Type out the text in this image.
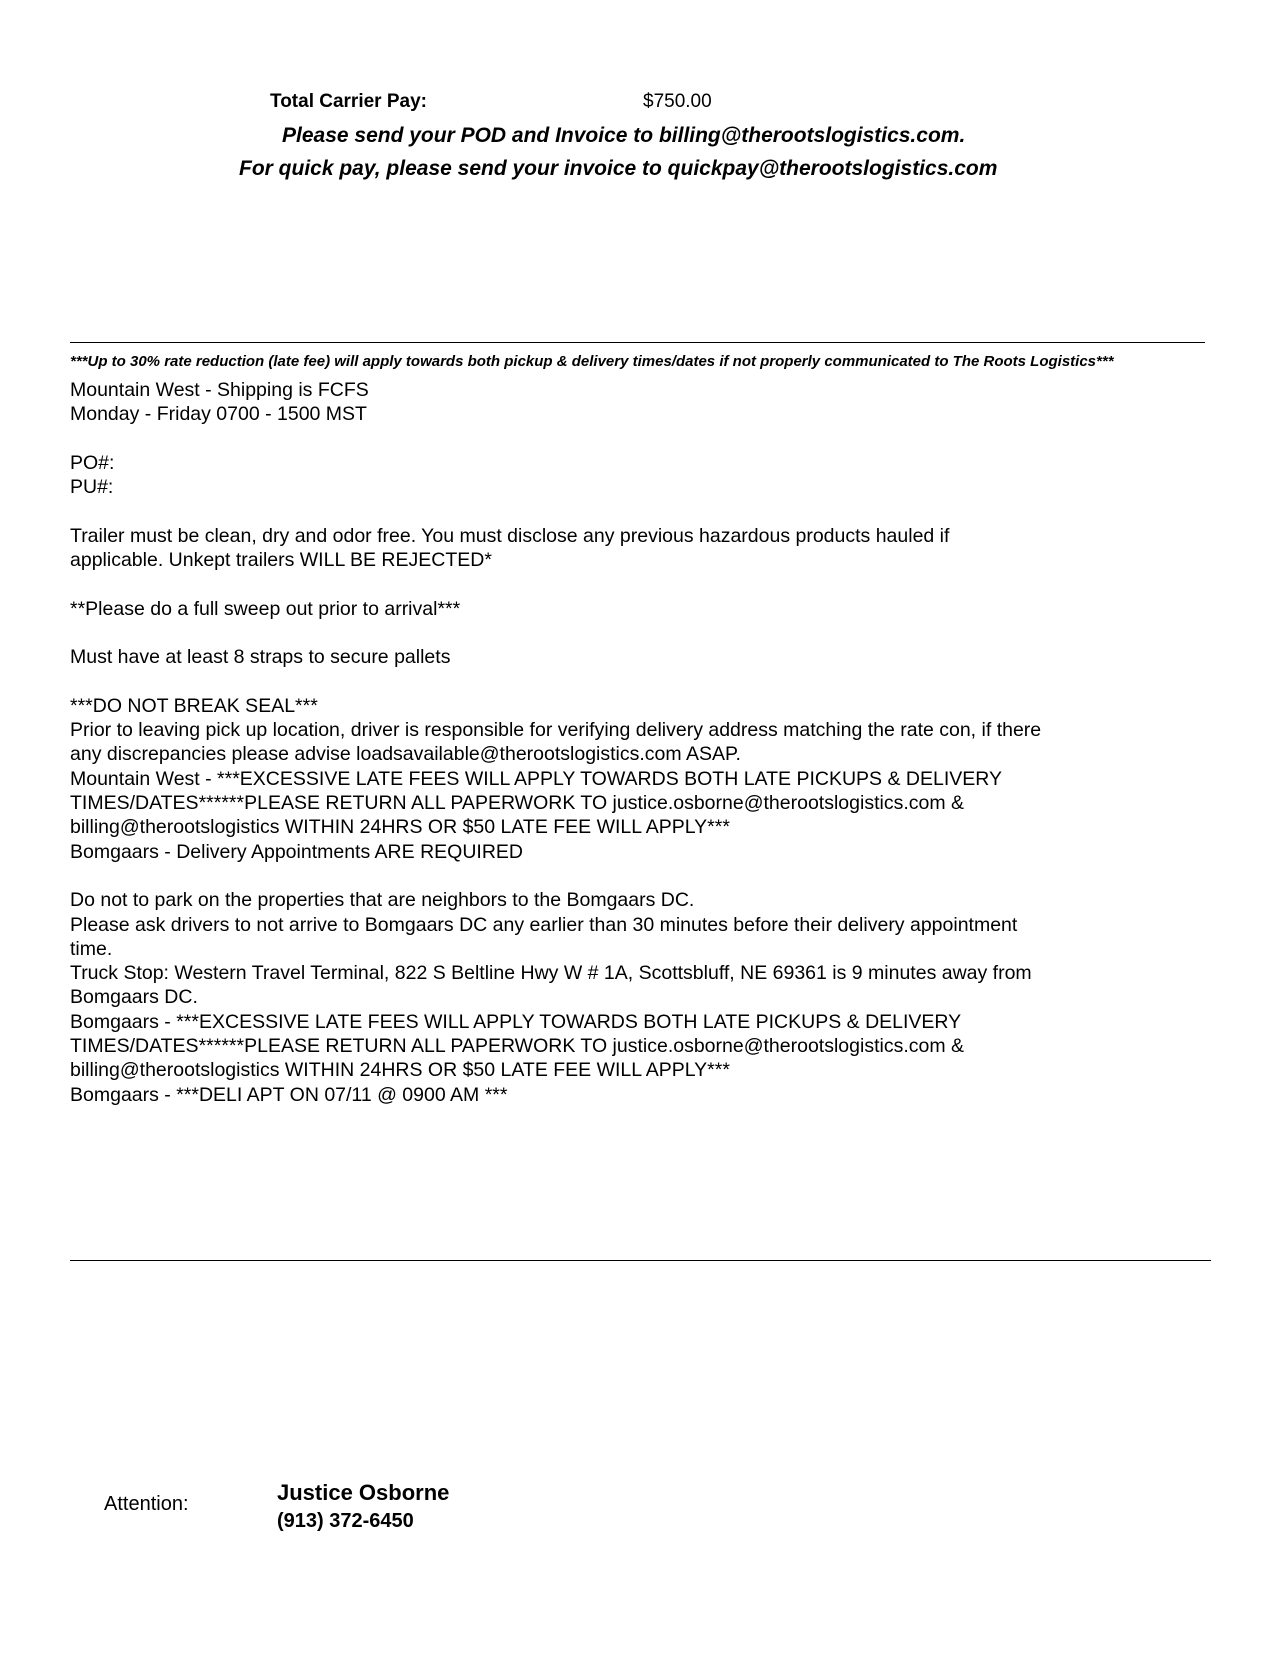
Total Carrier Pay:	$750.00
Please send your POD and Invoice to billing@therootslogistics.com.
For quick pay, please send your invoice to quickpay@therootslogistics.com
***Up to 30% rate reduction (late fee) will apply towards both pickup & delivery times/dates if not properly communicated to The Roots Logistics***
Mountain West - Shipping is FCFS
Monday - Friday 0700 - 1500 MST
PO#:
PU#:
Trailer must be clean, dry and odor free. You must disclose any previous hazardous products hauled if
applicable. Unkept trailers WILL BE REJECTED*
**Please do a full sweep out prior to arrival***
Must have at least 8 straps to secure pallets
***DO NOT BREAK SEAL***
Prior to leaving pick up location, driver is responsible for verifying delivery address matching the rate con, if there
any discrepancies please advise loadsavailable@therootslogistics.com ASAP.
Mountain West - ***EXCESSIVE LATE FEES WILL APPLY TOWARDS BOTH LATE PICKUPS & DELIVERY
TIMES/DATES******PLEASE RETURN ALL PAPERWORK TO justice.osborne@therootslogistics.com &
billing@therootslogistics WITHIN 24HRS OR $50 LATE FEE WILL APPLY***
Bomgaars - Delivery Appointments ARE REQUIRED
Do not to park on the properties that are neighbors to the Bomgaars DC.
Please ask drivers to not arrive to Bomgaars DC any earlier than 30 minutes before their delivery appointment
time.
Truck Stop: Western Travel Terminal, 822 S Beltline Hwy W # 1A, Scottsbluff, NE 69361 is 9 minutes away from
Bomgaars DC.
Bomgaars - ***EXCESSIVE LATE FEES WILL APPLY TOWARDS BOTH LATE PICKUPS & DELIVERY
TIMES/DATES******PLEASE RETURN ALL PAPERWORK TO justice.osborne@therootslogistics.com &
billing@therootslogistics WITHIN 24HRS OR $50 LATE FEE WILL APPLY***
Bomgaars - ***DELI APT ON 07/11 @ 0900 AM ***
Attention:	Justice Osborne
(913) 372-6450
